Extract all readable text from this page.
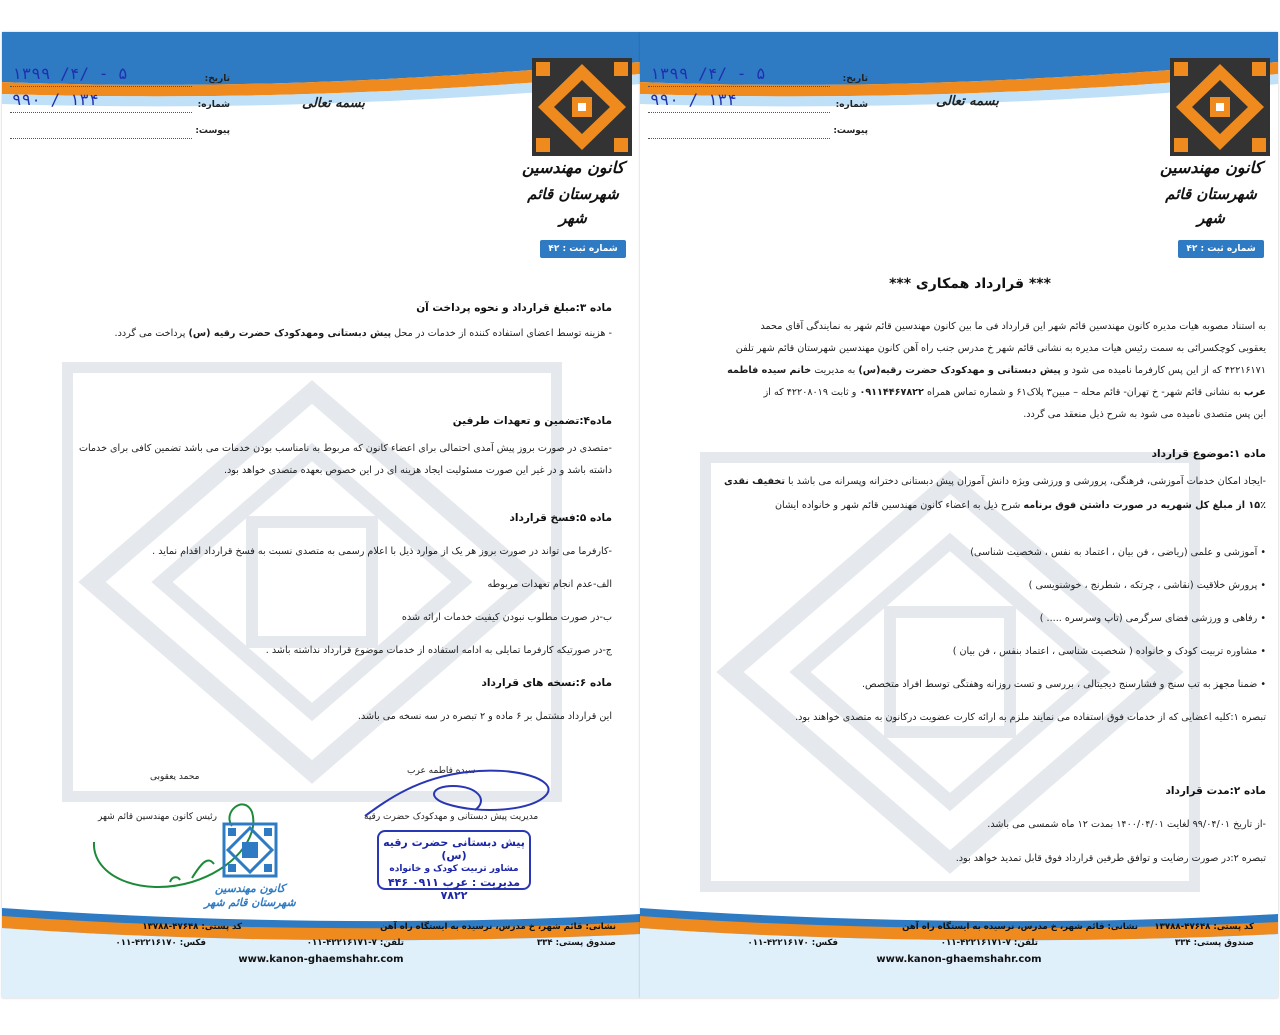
تاریخ:
۱۳۹۹ /۴/ - ۵
شماره:
۹۹۰ / ۱۳۴
پیوست:
بسمه تعالی
کانون مهندسین
شهرستان قائم شهر
شماره ثبت : ۴۲

ماده ۳:مبلغ قرارداد و نحوه پرداخت آن

- هزینه توسط اعضای استفاده کننده از خدمات در محل پیش دبستانی ومهدکودک حضرت رقیه (س) پرداخت می گردد.

ماده۴:تضمین و تعهدات طرفین

-متصدی در صورت بروز پیش آمدی احتمالی برای اعضاء کانون که مربوط به نامناسب بودن خدمات می باشد تضمین کافی برای خدمات

داشته باشد و در غیر این صورت مسئولیت ایجاد هزینه ای در این خصوص بعهده متصدی خواهد بود.

ماده ۵:فسخ قرارداد

-کارفرما می تواند در صورت بروز هر یک از موارد ذیل با اعلام رسمی به متصدی نسبت به فسخ قرارداد اقدام نماید .

الف-عدم انجام تعهدات مربوطه

ب-در صورت مطلوب نبودن کیفیت خدمات ارائه شده

ج-در صورتیکه کارفرما تمایلی به ادامه استفاده از خدمات موضوع قرارداد نداشته باشد .

ماده ۶:نسخه های قرارداد

این قرارداد مشتمل بر ۶ ماده و ۲ تبصره در سه نسخه می باشد.

سیده فاطمه عرب
مدیریت پیش دبستانی و مهدکودک حضرت رقیه
محمد یعقوبی
رئیس کانون مهندسین قائم شهر
پیش دبستانی حضرت رقیه (س)
مشاور تربیت کودک و خانواده
مدیریت : عرب ۰۹۱۱ ۴۴۶ ۷۸۲۲
کانون مهندسین
شهرستان قائم شهر
نشانی: قائم شهر، خ مدرس، نرسیده به ایستگاه راه آهن
کد پستی: ۴۷۶۴۸-۱۳۷۸۸
صندوق پستی: ۳۳۴
تلفن: ۷-۴۲۲۱۶۱۷۱-۰۱۱
فکس: ۴۲۲۱۶۱۷۰-۰۱۱
www.kanon-ghaemshahr.com
تاریخ:
۱۳۹۹ /۴/ - ۵
شماره:
۹۹۰ / ۱۳۴
پیوست:
بسمه تعالی
کانون مهندسین
شهرستان قائم شهر
شماره ثبت : ۴۲
*** قرارداد همکاری ***

به استناد مصوبه هیات مدیره کانون مهندسین قائم شهر این قرارداد فی ما بین کانون مهندسین قائم شهر به نمایندگی آقای محمد

یعقوبی کوچکسرائی به سمت رئیس هیات مدیره به نشانی قائم شهر خ مدرس جنب راه آهن کانون مهندسین شهرستان قائم شهر تلفن

۴۲۲۱۶۱۷۱ که از این پس کارفرما نامیده می شود و پیش دبستانی و مهدکودک حضرت رقیه(س) به مدیریت خانم سیده فاطمه

عرب به نشانی قائم شهر- خ تهران- قائم محله – مبین۳ پلاک۶۱ و شماره تماس همراه ۰۹۱۱۴۴۶۷۸۲۲ و ثابت ۴۲۲۰۸۰۱۹ که از

این پس متصدی نامیده می شود به شرح ذیل منعقد می گردد.

ماده ۱:موضوع قرارداد

-ایجاد امکان خدمات آموزشی، فرهنگی، پرورشی و ورزشی ویژه دانش آموزان پیش دبستانی دخترانه وپسرانه می باشد با تخفیف نقدی

۱۵٪ از مبلغ کل شهریه در صورت داشتن فوق برنامه شرح ذیل به اعضاء کانون مهندسین قائم شهر و خانواده ایشان

• آموزشی و علمی (ریاضی ، فن بیان ، اعتماد به نفس ، شخصیت شناسی)

• پرورش خلاقیت (نقاشی ، چرتکه ، شطرنج ، خوشنویسی )

• رفاهی و ورزشی فضای سرگرمی (تاپ وسرسره ..... )

• مشاوره تربیت کودک و خانواده ( شخصیت شناسی ، اعتماد بنفس ، فن بیان )

• ضمنا مجهز به تب سنج و فشارسنج دیجیتالی ، بررسی و تست روزانه وهفتگی توسط افراد متخصص.

تبصره ۱:کلیه اعضایی که از خدمات فوق استفاده می نمایند ملزم به ارائه کارت عضویت درکانون به متصدی خواهند بود.

ماده ۲:مدت قرارداد

-از تاریخ ۹۹/۰۴/۰۱ لغایت ۱۴۰۰/۰۴/۰۱ بمدت ۱۲ ماه شمسی می باشد.

تبصره ۲:در صورت رضایت و توافق طرفین قرارداد فوق قابل تمدید خواهد بود.

نشانی: قائم شهر، خ مدرس، نرسیده به ایستگاه راه آهن کد پستی: ۴۷۶۴۸-۱۳۷۸۸
صندوق پستی: ۳۳۴
تلفن: ۷-۴۲۲۱۶۱۷۱-۰۱۱
فکس: ۴۲۲۱۶۱۷۰-۰۱۱
www.kanon-ghaemshahr.com
